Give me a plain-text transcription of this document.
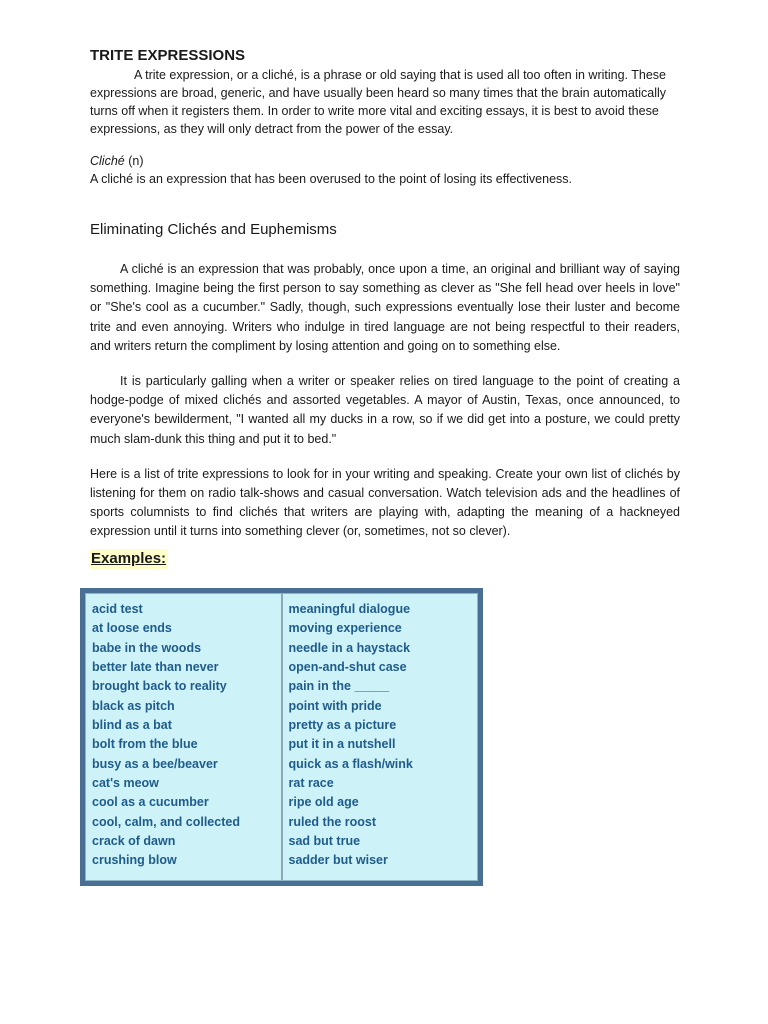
TRITE EXPRESSIONS

A trite expression, or a cliché, is a phrase or old saying that is used all too often in writing. These expressions are broad, generic, and have usually been heard so many times that the brain automatically turns off when it registers them. In order to write more vital and exciting essays, it is best to avoid these expressions, as they will only detract from the power of the essay.

Cliché (n)

A cliché is an expression that has been overused to the point of losing its effectiveness.

Eliminating Clichés and Euphemisms

A cliché is an expression that was probably, once upon a time, an original and brilliant way of saying something. Imagine being the first person to say something as clever as "She fell head over heels in love" or "She's cool as a cucumber." Sadly, though, such expressions eventually lose their luster and become trite and even annoying. Writers who indulge in tired language are not being respectful to their readers, and writers return the compliment by losing attention and going on to something else.

It is particularly galling when a writer or speaker relies on tired language to the point of creating a hodge-podge of mixed clichés and assorted vegetables. A mayor of Austin, Texas, once announced, to everyone's bewilderment, "I wanted all my ducks in a row, so if we did get into a posture, we could pretty much slam-dunk this thing and put it to bed."

Here is a list of trite expressions to look for in your writing and speaking. Create your own list of clichés by listening for them on radio talk-shows and casual conversation. Watch television ads and the headlines of sports columnists to find clichés that writers are playing with, adapting the meaning of a hackneyed expression until it turns into something clever (or, sometimes, not so clever).

Examples:
acid test
at loose ends
babe in the woods
better late than never
brought back to reality
black as pitch
blind as a bat
bolt from the blue
busy as a bee/beaver
cat's meow
cool as a cucumber
cool, calm, and collected
crack of dawn
crushing blow
meaningful dialogue
moving experience
needle in a haystack
open-and-shut case
pain in the _____
point with pride
pretty as a picture
put it in a nutshell
quick as a flash/wink
rat race
ripe old age
ruled the roost
sad but true
sadder but wiser
